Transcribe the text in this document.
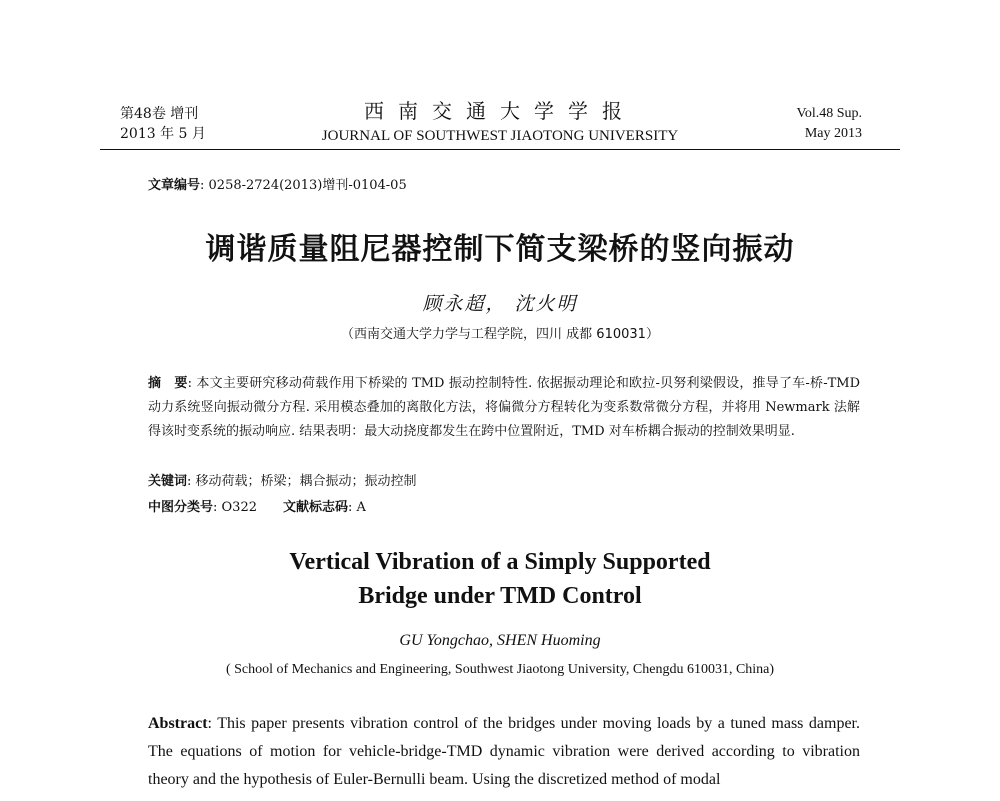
第48卷 增刊
2013 年 5 月
西南交通大学学报
JOURNAL OF SOUTHWEST JIAOTONG UNIVERSITY
Vol.48 Sup.
May 2013
文章编号: 0258-2724(2013)增刊-0104-05
调谐质量阻尼器控制下简支梁桥的竖向振动
顾永超， 沈火明
（西南交通大学力学与工程学院，四川 成都 610031）
摘　要: 本文主要研究移动荷载作用下桥梁的 TMD 振动控制特性. 依据振动理论和欧拉-贝努利梁假设，推导了车-桥-TMD 动力系统竖向振动微分方程. 采用模态叠加的离散化方法，将偏微分方程转化为变系数常微分方程，并将用 Newmark 法解得该时变系统的振动响应. 结果表明：最大动挠度都发生在跨中位置附近，TMD 对车桥耦合振动的控制效果明显.
关键词: 移动荷载；桥梁；耦合振动；振动控制
中图分类号: O322 文献标志码: A
Vertical Vibration of a Simply Supported
Bridge under TMD Control
GU Yongchao, SHEN Huoming
( School of Mechanics and Engineering, Southwest Jiaotong University, Chengdu 610031, China)
Abstract: This paper presents vibration control of the bridges under moving loads by a tuned mass damper. The equations of motion for vehicle-bridge-TMD dynamic vibration were derived according to vibration theory and the hypothesis of Euler-Bernulli beam. Using the discretized method of modal
